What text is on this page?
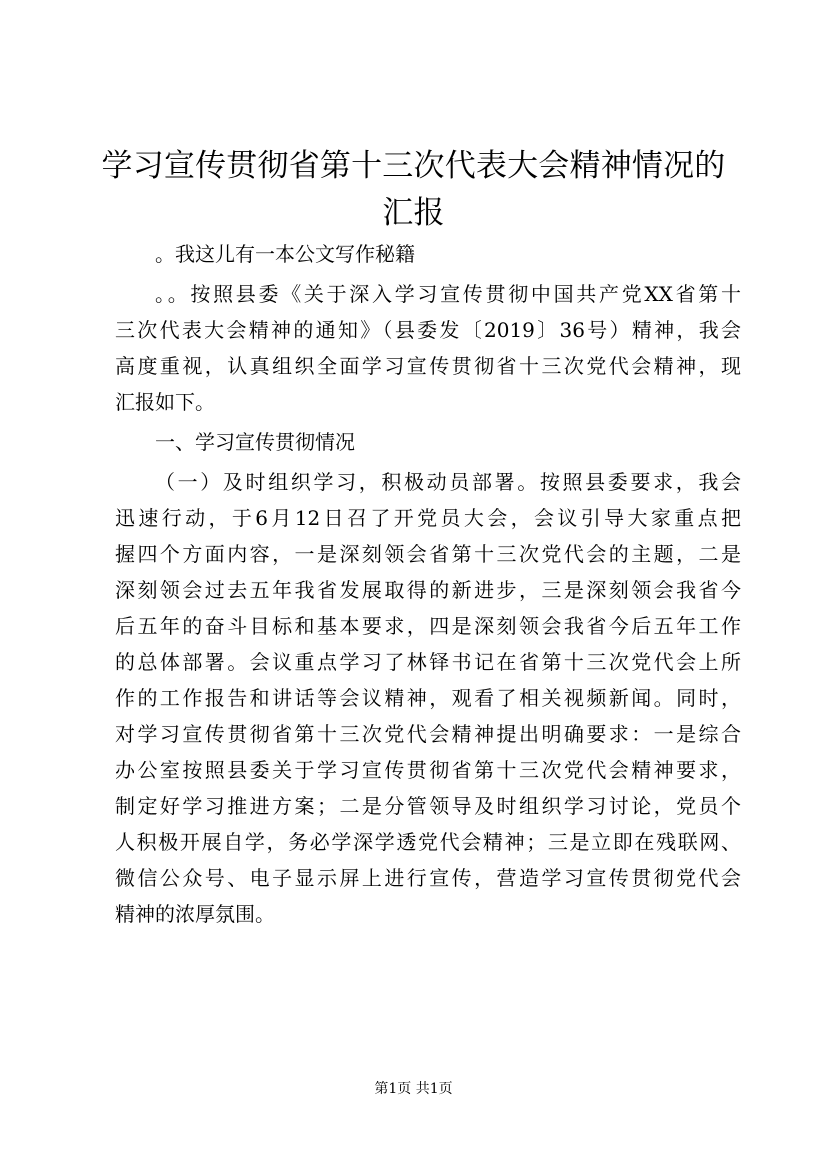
学习宣传贯彻省第十三次代表大会精神情况的
汇报

。我这儿有一本公文写作秘籍

。。按照县委《关于深入学习宣传贯彻中国共产党XX省第十
三次代表大会精神的通知》（县委发〔2019〕36号）精神，我会
高度重视，认真组织全面学习宣传贯彻省十三次党代会精神，现
汇报如下。

一、学习宣传贯彻情况

（一）及时组织学习，积极动员部署。按照县委要求，我会
迅速行动，于6月12日召了开党员大会，会议引导大家重点把
握四个方面内容，一是深刻领会省第十三次党代会的主题，二是
深刻领会过去五年我省发展取得的新进步，三是深刻领会我省今
后五年的奋斗目标和基本要求，四是深刻领会我省今后五年工作
的总体部署。会议重点学习了林铎书记在省第十三次党代会上所
作的工作报告和讲话等会议精神，观看了相关视频新闻。同时，
对学习宣传贯彻省第十三次党代会精神提出明确要求：一是综合
办公室按照县委关于学习宣传贯彻省第十三次党代会精神要求，
制定好学习推进方案；二是分管领导及时组织学习讨论，党员个
人积极开展自学，务必学深学透党代会精神；三是立即在残联网、
微信公众号、电子显示屏上进行宣传，营造学习宣传贯彻党代会
精神的浓厚氛围。

第1页 共1页
